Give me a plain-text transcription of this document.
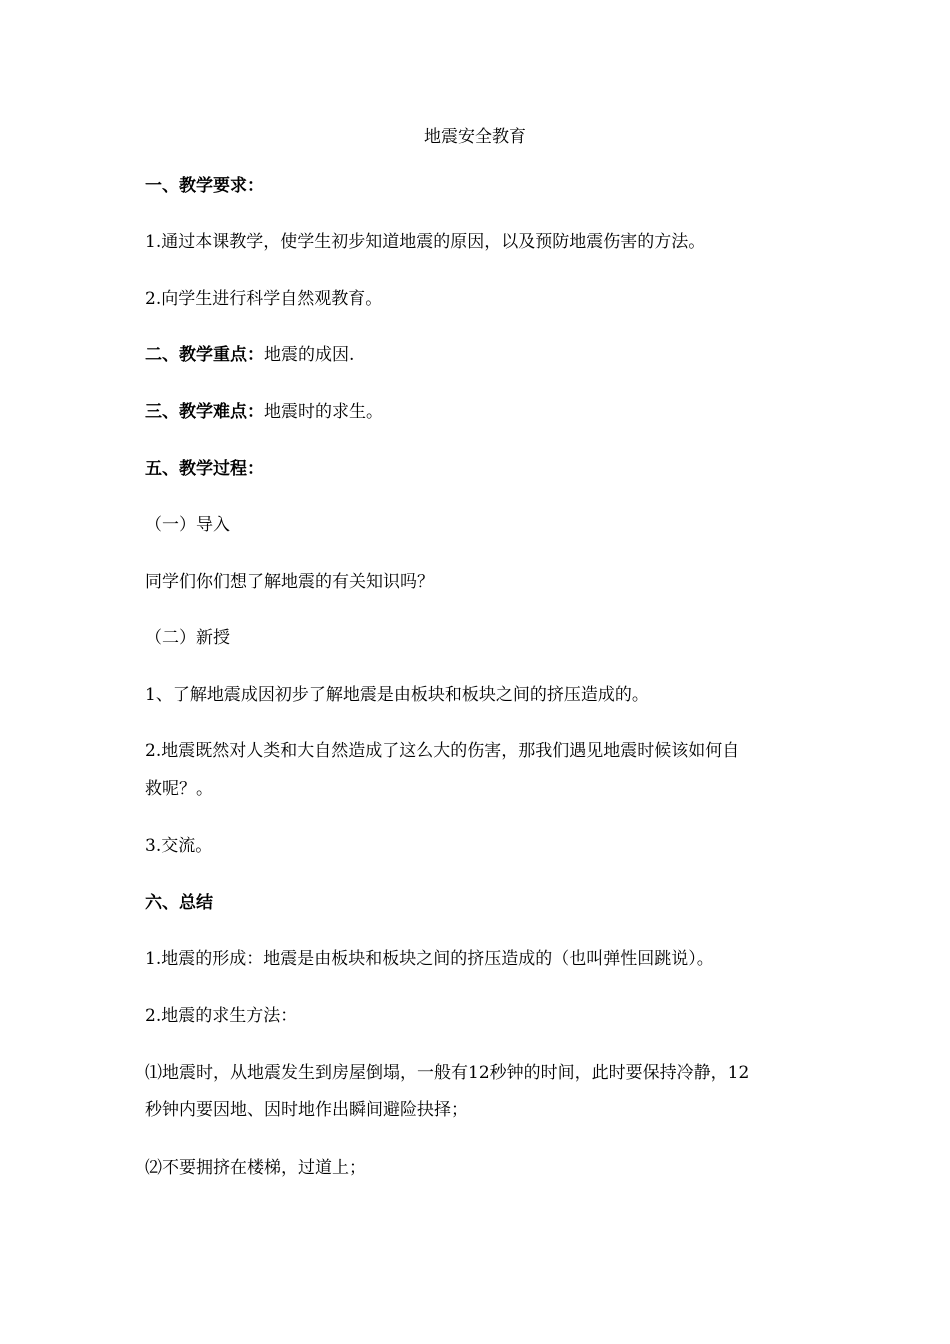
地震安全教育
一、教学要求：
1.通过本课教学，使学生初步知道地震的原因，以及预防地震伤害的方法。
2.向学生进行科学自然观教育。
二、教学重点：地震的成因.
三、教学难点：地震时的求生。
五、教学过程：
（一）导入
同学们你们想了解地震的有关知识吗？
（二）新授
1、了解地震成因初步了解地震是由板块和板块之间的挤压造成的。
2.地震既然对人类和大自然造成了这么大的伤害，那我们遇见地震时候该如何自
救呢？。
3.交流。
六、总结
1.地震的形成：地震是由板块和板块之间的挤压造成的（也叫弹性回跳说）。
2.地震的求生方法：
⑴地震时，从地震发生到房屋倒塌，一般有12秒钟的时间，此时要保持冷静，12
秒钟内要因地、因时地作出瞬间避险抉择；
⑵不要拥挤在楼梯，过道上；
